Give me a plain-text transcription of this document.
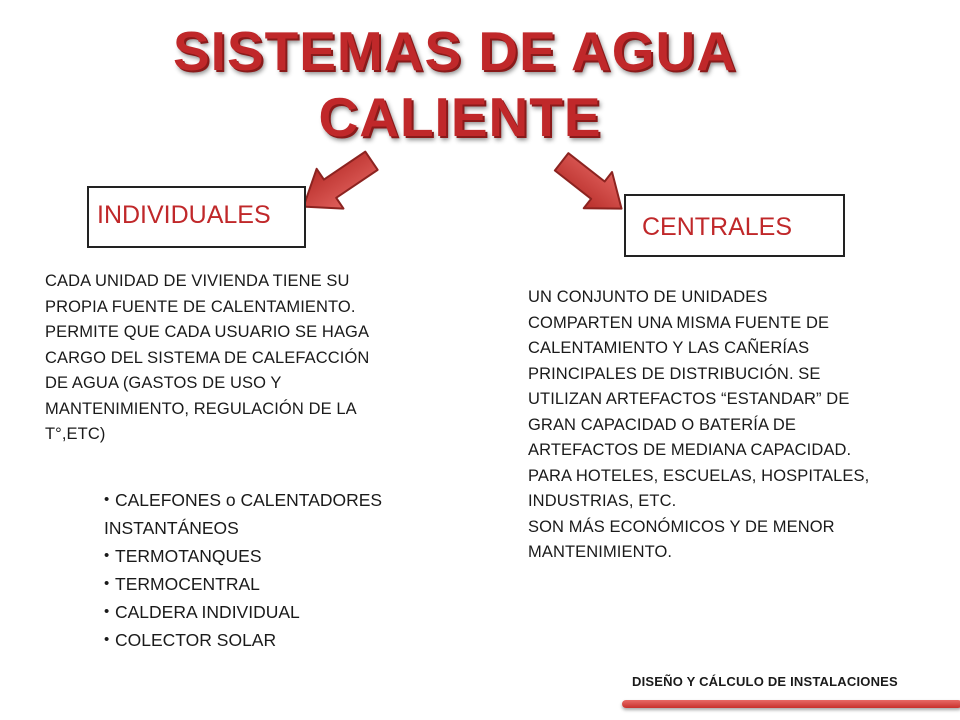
SISTEMAS DE AGUA
CALIENTE
INDIVIDUALES	CENTRALES

CADA UNIDAD DE VIVIENDA TIENE SU
PROPIA FUENTE DE CALENTAMIENTO.
PERMITE QUE CADA USUARIO SE HAGA
CARGO DEL SISTEMA DE CALEFACCIÓN
DE AGUA (GASTOS DE USO Y
MANTENIMIENTO, REGULACIÓN DE LA
T°,ETC)

• CALEFONES o CALENTADORES
INSTANTÁNEOS
• TERMOTANQUES
• TERMOCENTRAL
• CALDERA INDIVIDUAL
• COLECTOR SOLAR

UN CONJUNTO DE UNIDADES
COMPARTEN UNA MISMA FUENTE DE
CALENTAMIENTO Y LAS CAÑERÍAS
PRINCIPALES DE DISTRIBUCIÓN. SE
UTILIZAN ARTEFACTOS “ESTANDAR” DE
GRAN CAPACIDAD O BATERÍA DE
ARTEFACTOS DE MEDIANA CAPACIDAD.
PARA HOTELES, ESCUELAS, HOSPITALES,
INDUSTRIAS, ETC.
SON MÁS ECONÓMICOS Y DE MENOR
MANTENIMIENTO.

DISEÑO Y CÁLCULO DE INSTALACIONES
